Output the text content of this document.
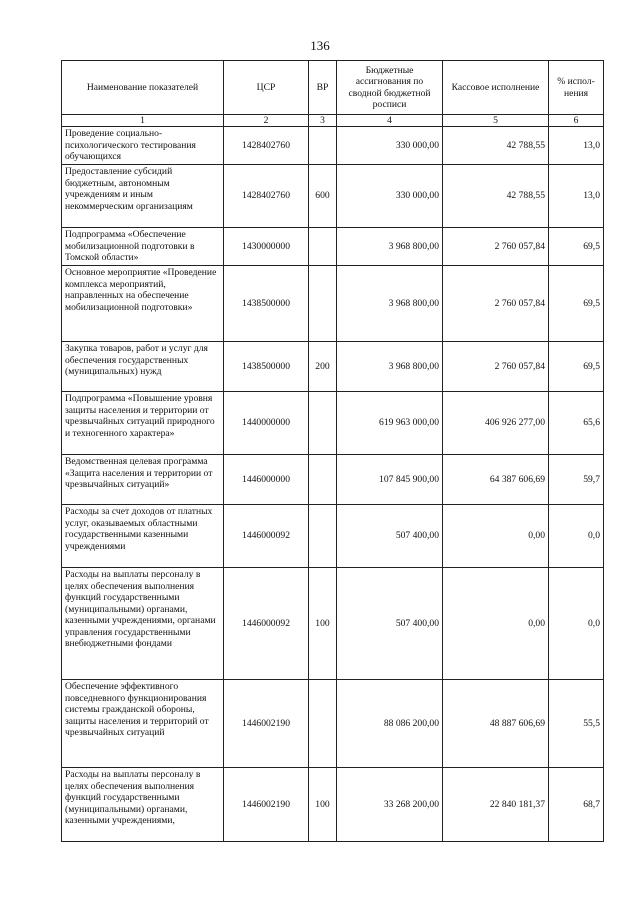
136
Наименование показателей	ЦСР	ВР	Бюджетные ассигнования по сводной бюджетной росписи	Кассовое исполнение	% испол-нения
1	2	3	4	5	6
Проведение социально-психологического тестирования обучающихся	1428402760		330 000,00	42 788,55	13,0
Предоставление субсидий бюджетным, автономным учреждениям и иным некоммерческим организациям	1428402760	600	330 000,00	42 788,55	13,0
Подпрограмма «Обеспечение мобилизационной подготовки в Томской области»	1430000000		3 968 800,00	2 760 057,84	69,5
Основное мероприятие «Проведение комплекса мероприятий, направленных на обеспечение мобилизационной подготовки»	1438500000		3 968 800,00	2 760 057,84	69,5
Закупка товаров, работ и услуг для обеспечения государственных (муниципальных) нужд	1438500000	200	3 968 800,00	2 760 057,84	69,5
Подпрограмма «Повышение уровня защиты населения и территории от чрезвычайных ситуаций природного и техногенного характера»	1440000000		619 963 000,00	406 926 277,00	65,6
Ведомственная целевая программа «Защита населения и территории от чрезвычайных ситуаций»	1446000000		107 845 900,00	64 387 606,69	59,7
Расходы за счет доходов от платных услуг, оказываемых областными государственными казенными учреждениями	1446000092		507 400,00	0,00	0,0
Расходы на выплаты персоналу в целях обеспечения выполнения функций государственными (муниципальными) органами, казенными учреждениями, органами управления государственными внебюджетными фондами	1446000092	100	507 400,00	0,00	0,0
Обеспечение эффективного повседневного функционирования системы гражданской обороны, защиты населения и территорий от чрезвычайных ситуаций	1446002190		88 086 200,00	48 887 606,69	55,5
Расходы на выплаты персоналу в целях обеспечения выполнения функций государственными (муниципальными) органами, казенными учреждениями,	1446002190	100	33 268 200,00	22 840 181,37	68,7
